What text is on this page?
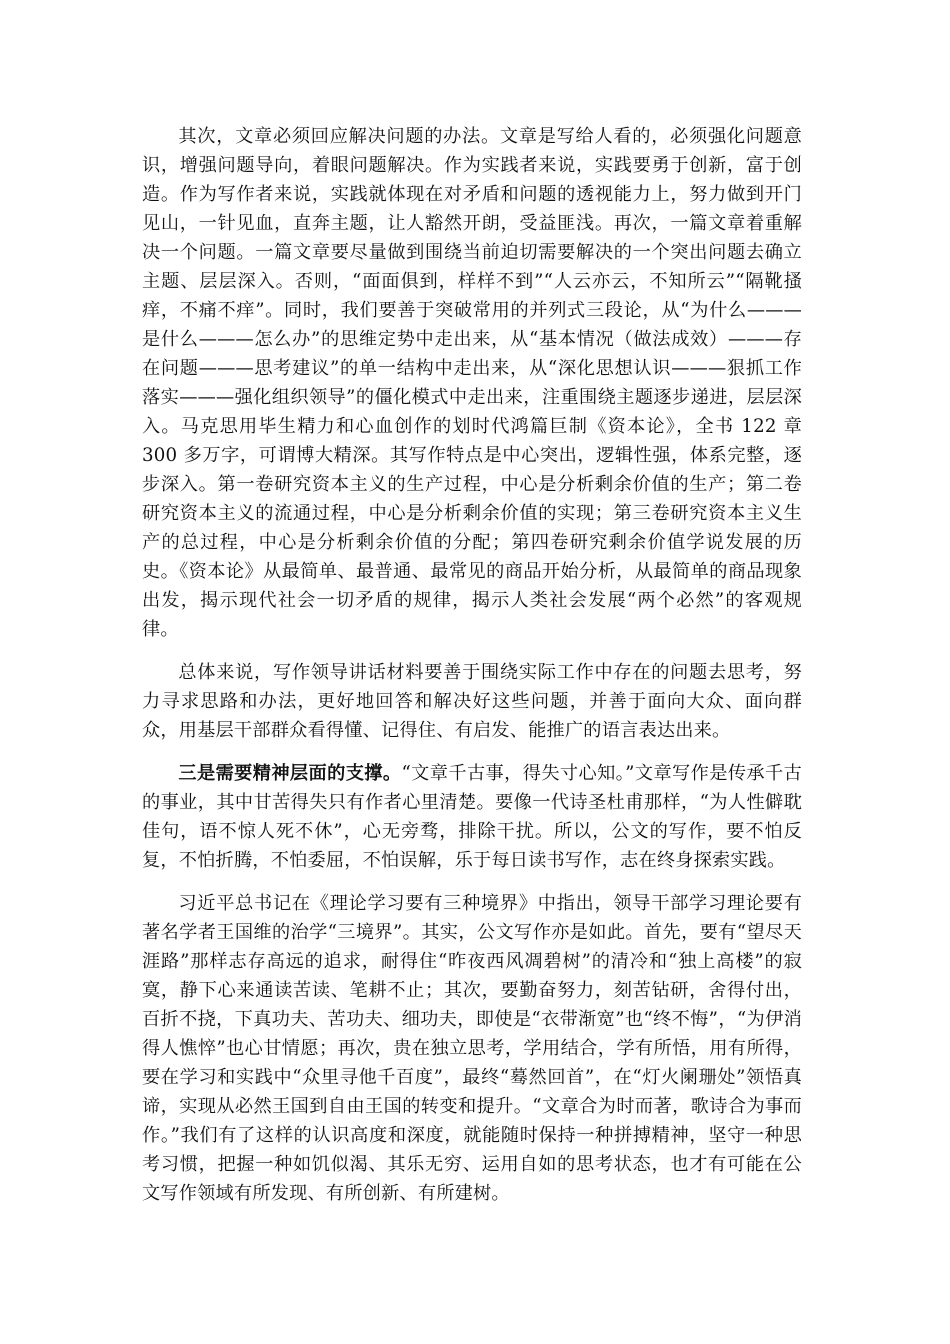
其次，文章必须回应解决问题的办法。文章是写给人看的，必须强化问题意识，增强问题导向，着眼问题解决。作为实践者来说，实践要勇于创新，富于创造。作为写作者来说，实践就体现在对矛盾和问题的透视能力上，努力做到开门见山，一针见血，直奔主题，让人豁然开朗，受益匪浅。再次，一篇文章着重解决一个问题。一篇文章要尽量做到围绕当前迫切需要解决的一个突出问题去确立主题、层层深入。否则，“面面俱到，样样不到”“人云亦云，不知所云”“隔靴搔痒，不痛不痒”。同时，我们要善于突破常用的并列式三段论，从“为什么———是什么———怎么办”的思维定势中走出来，从“基本情况（做法成效）———存在问题———思考建议”的单一结构中走出来，从“深化思想认识———狠抓工作落实———强化组织领导”的僵化模式中走出来，注重围绕主题逐步递进，层层深入。马克思用毕生精力和心血创作的划时代鸿篇巨制《资本论》，全书 122 章 300 多万字，可谓博大精深。其写作特点是中心突出，逻辑性强，体系完整，逐步深入。第一卷研究资本主义的生产过程，中心是分析剩余价值的生产；第二卷研究资本主义的流通过程，中心是分析剩余价值的实现；第三卷研究资本主义生产的总过程，中心是分析剩余价值的分配；第四卷研究剩余价值学说发展的历史。《资本论》从最简单、最普通、最常见的商品开始分析，从最简单的商品现象出发，揭示现代社会一切矛盾的规律，揭示人类社会发展“两个必然”的客观规律。

总体来说，写作领导讲话材料要善于围绕实际工作中存在的问题去思考，努力寻求思路和办法，更好地回答和解决好这些问题，并善于面向大众、面向群众，用基层干部群众看得懂、记得住、有启发、能推广的语言表达出来。

三是需要精神层面的支撑。“文章千古事，得失寸心知。”文章写作是传承千古的事业，其中甘苦得失只有作者心里清楚。要像一代诗圣杜甫那样，“为人性僻耽佳句，语不惊人死不休”，心无旁骛，排除干扰。所以，公文的写作，要不怕反复，不怕折腾，不怕委屈，不怕误解，乐于每日读书写作，志在终身探索实践。

习近平总书记在《理论学习要有三种境界》中指出，领导干部学习理论要有著名学者王国维的治学“三境界”。其实，公文写作亦是如此。首先，要有“望尽天涯路”那样志存高远的追求，耐得住“昨夜西风凋碧树”的清冷和“独上高楼”的寂寞，静下心来通读苦读、笔耕不止；其次，要勤奋努力，刻苦钻研，舍得付出，百折不挠，下真功夫、苦功夫、细功夫，即使是“衣带渐宽”也“终不悔”，“为伊消得人憔悴”也心甘情愿；再次，贵在独立思考，学用结合，学有所悟，用有所得，要在学习和实践中“众里寻他千百度”，最终“蓦然回首”，在“灯火阑珊处”领悟真谛，实现从必然王国到自由王国的转变和提升。“文章合为时而著，歌诗合为事而作。”我们有了这样的认识高度和深度，就能随时保持一种拼搏精神，坚守一种思考习惯，把握一种如饥似渴、其乐无穷、运用自如的思考状态，也才有可能在公文写作领域有所发现、有所创新、有所建树。
